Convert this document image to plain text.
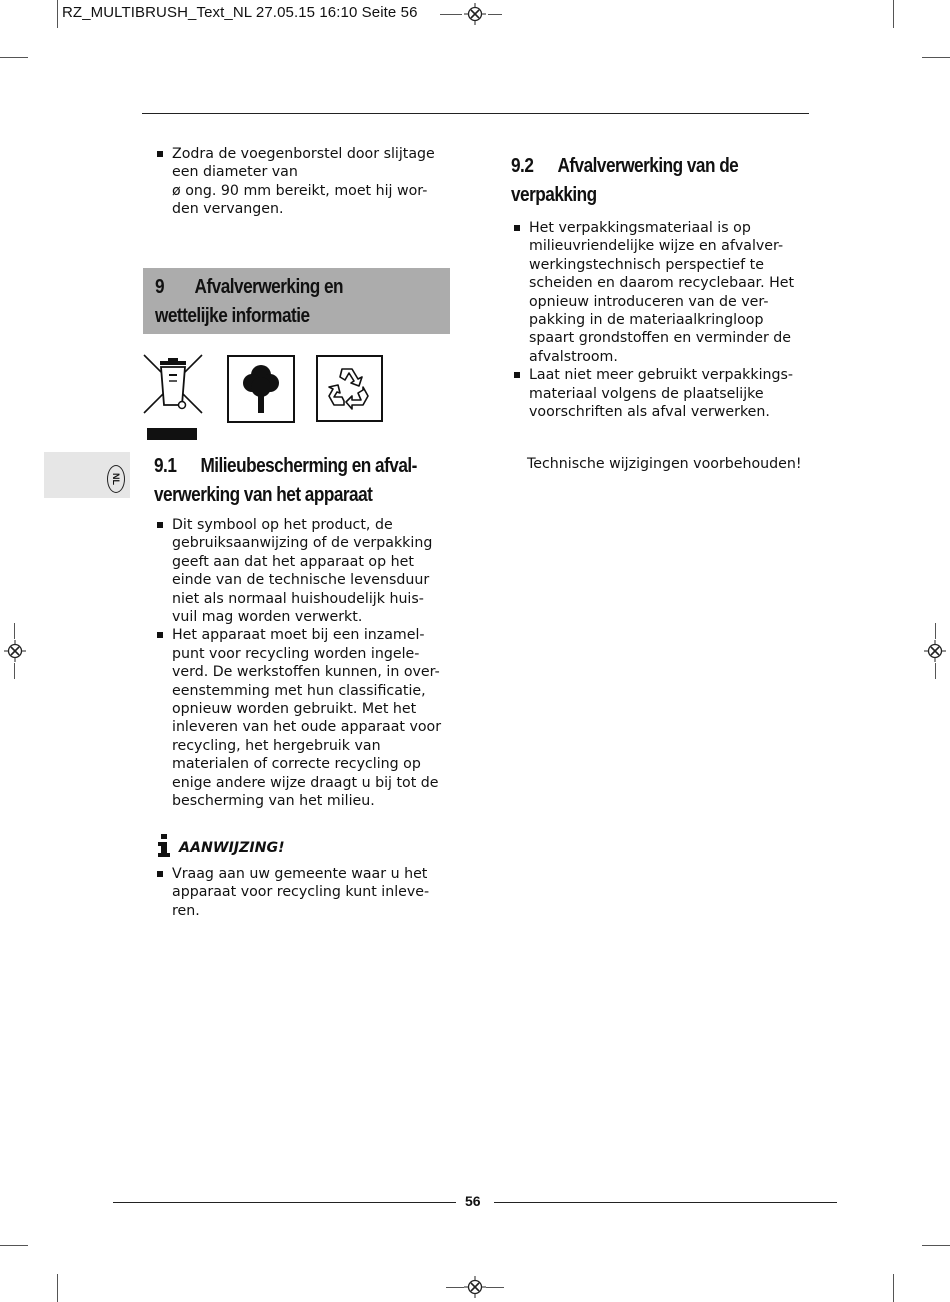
RZ_MULTIBRUSH_Text_NL 27.05.15 16:10 Seite 56
Zodra de voegenborstel door slijtage een diameter van
ø ong. 90 mm bereikt, moet hij wor-den vervangen.
9 Afvalverwerking en
wettelijke informatie
NL
9.1 Milieubescherming en afval-
verwerking van het apparaat
Dit symbool op het product, de gebruiksaanwijzing of de verpakking geeft aan dat het apparaat op het einde van de technische levensduur niet als normaal huishoudelijk huis-vuil mag worden verwerkt.
Het apparaat moet bij een inzamel-punt voor recycling worden ingele-verd. De werkstoffen kunnen, in over-eenstemming met hun classificatie, opnieuw worden gebruikt. Met het inleveren van het oude apparaat voor recycling, het hergebruik van materialen of correcte recycling op enige andere wijze draagt u bij tot de bescherming van het milieu.
AANWIJZING!
Vraag aan uw gemeente waar u het apparaat voor recycling kunt inleve-ren.
9.2 Afvalverwerking van de
verpakking
Het verpakkingsmateriaal is op milieuvriendelijke wijze en afvalver-werkingstechnisch perspectief te scheiden en daarom recyclebaar. Het opnieuw introduceren van de ver-pakking in de materiaalkringloop spaart grondstoffen en verminder de afvalstroom.
Laat niet meer gebruikt verpakkings-materiaal volgens de plaatselijke voorschriften als afval verwerken.
Technische wijzigingen voorbehouden!
56
